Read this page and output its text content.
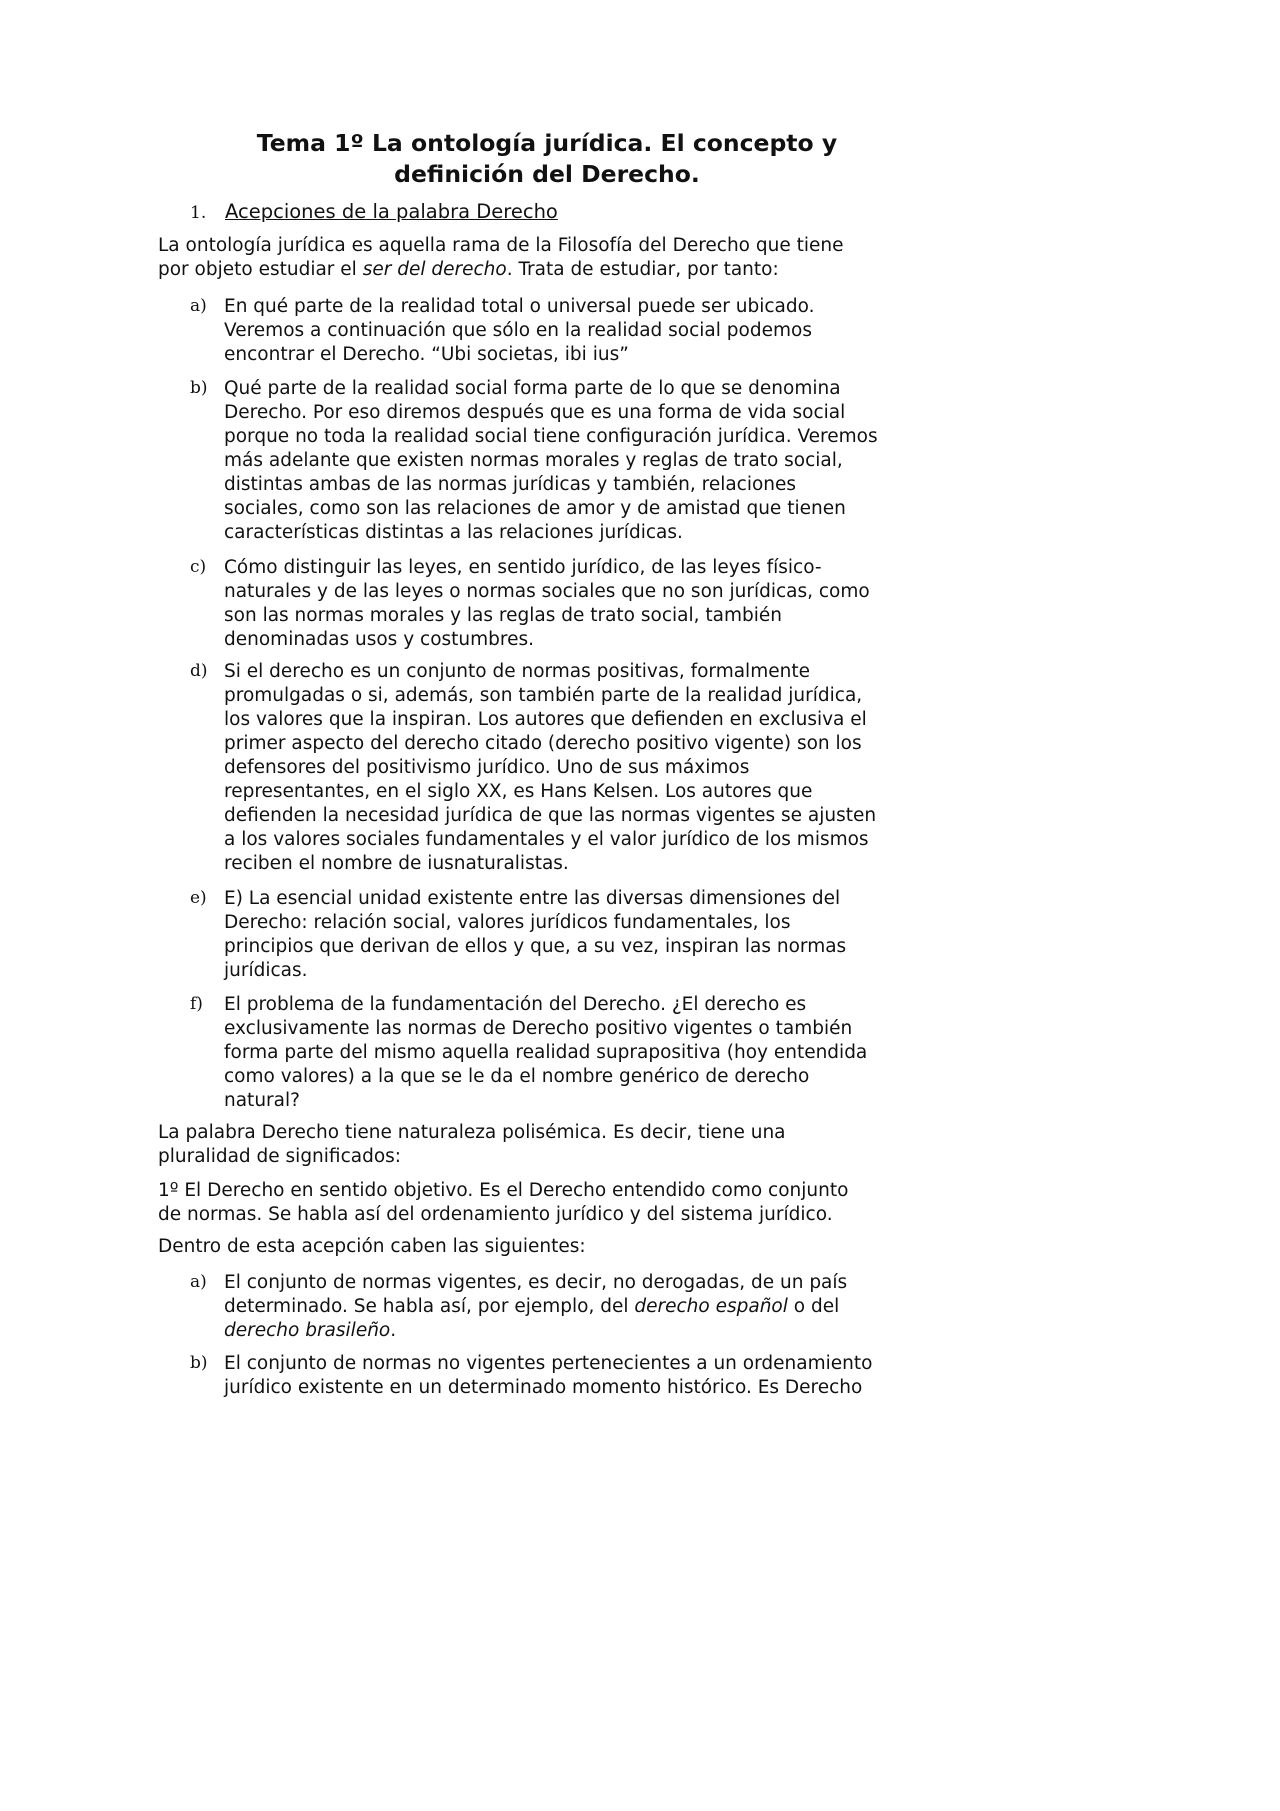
Tema 1º La ontología jurídica. El concepto y
definición del Derecho.
1. Acepciones de la palabra Derecho

La ontología jurídica es aquella rama de la Filosofía del Derecho que tiene
por objeto estudiar el ser del derecho. Trata de estudiar, por tanto:

a) En qué parte de la realidad total o universal puede ser ubicado.
Veremos a continuación que sólo en la realidad social podemos
encontrar el Derecho. “Ubi societas, ibi ius”
b) Qué parte de la realidad social forma parte de lo que se denomina
Derecho. Por eso diremos después que es una forma de vida social
porque no toda la realidad social tiene configuración jurídica. Veremos
más adelante que existen normas morales y reglas de trato social,
distintas ambas de las normas jurídicas y también, relaciones
sociales, como son las relaciones de amor y de amistad que tienen
características distintas a las relaciones jurídicas.
c) Cómo distinguir las leyes, en sentido jurídico, de las leyes físico-
naturales y de las leyes o normas sociales que no son jurídicas, como
son las normas morales y las reglas de trato social, también
denominadas usos y costumbres.
d) Si el derecho es un conjunto de normas positivas, formalmente
promulgadas o si, además, son también parte de la realidad jurídica,
los valores que la inspiran. Los autores que defienden en exclusiva el
primer aspecto del derecho citado (derecho positivo vigente) son los
defensores del positivismo jurídico. Uno de sus máximos
representantes, en el siglo XX, es Hans Kelsen. Los autores que
defienden la necesidad jurídica de que las normas vigentes se ajusten
a los valores sociales fundamentales y el valor jurídico de los mismos
reciben el nombre de iusnaturalistas.
e) E) La esencial unidad existente entre las diversas dimensiones del
Derecho: relación social, valores jurídicos fundamentales, los
principios que derivan de ellos y que, a su vez, inspiran las normas
jurídicas.
f) El problema de la fundamentación del Derecho. ¿El derecho es
exclusivamente las normas de Derecho positivo vigentes o también
forma parte del mismo aquella realidad suprapositiva (hoy entendida
como valores) a la que se le da el nombre genérico de derecho
natural?

La palabra Derecho tiene naturaleza polisémica. Es decir, tiene una
pluralidad de significados:

1º El Derecho en sentido objetivo. Es el Derecho entendido como conjunto
de normas. Se habla así del ordenamiento jurídico y del sistema jurídico.

Dentro de esta acepción caben las siguientes:

a) El conjunto de normas vigentes, es decir, no derogadas, de un país
determinado. Se habla así, por ejemplo, del derecho español o del
derecho brasileño.
b) El conjunto de normas no vigentes pertenecientes a un ordenamiento
jurídico existente en un determinado momento histórico. Es Derecho
